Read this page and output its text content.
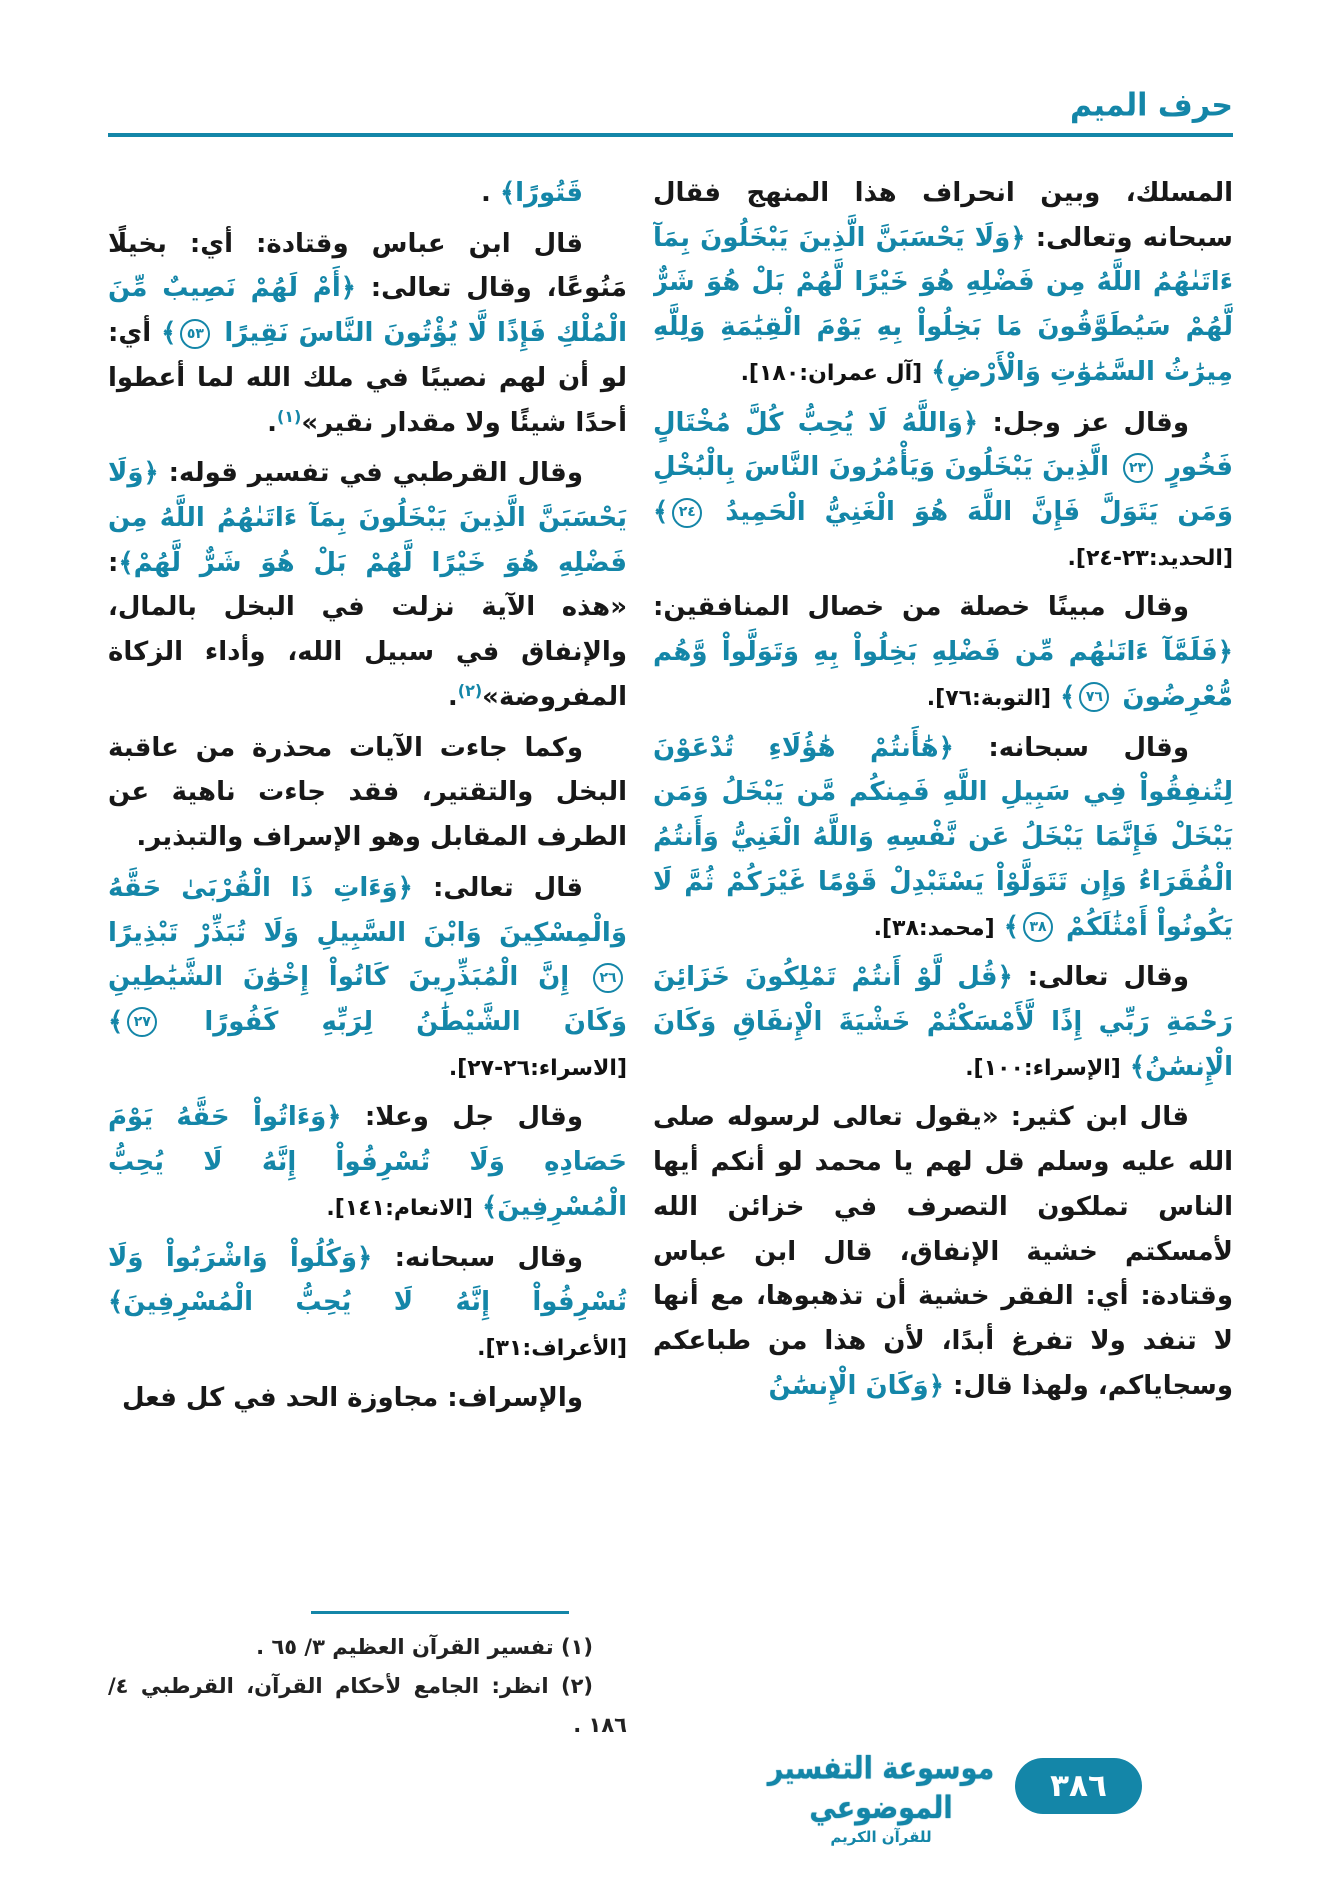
حرف الميم

المسلك، وبين انحراف هذا المنهج فقال سبحانه وتعالى: ﴿وَلَا يَحْسَبَنَّ الَّذِينَ يَبْخَلُونَ بِمَآ ءَاتَىٰهُمُ اللَّهُ مِن فَضْلِهِ هُوَ خَيْرًا لَّهُمْ بَلْ هُوَ شَرٌّ لَّهُمْ سَيُطَوَّقُونَ مَا بَخِلُواْ بِهِ يَوْمَ الْقِيَٰمَةِ وَلِلَّهِ مِيرَٰثُ السَّمَٰوَٰتِ وَالْأَرْضِ﴾ [آل عمران:١٨٠].

وقال عز وجل: ﴿وَاللَّهُ لَا يُحِبُّ كُلَّ مُخْتَالٍ فَخُورٍ ٢٣ الَّذِينَ يَبْخَلُونَ وَيَأْمُرُونَ النَّاسَ بِالْبُخْلِ وَمَن يَتَوَلَّ فَإِنَّ اللَّهَ هُوَ الْغَنِيُّ الْحَمِيدُ ٢٤﴾ [الحديد:٢٣-٢٤].

وقال مبينًا خصلة من خصال المنافقين: ﴿فَلَمَّآ ءَاتَىٰهُم مِّن فَضْلِهِ بَخِلُواْ بِهِ وَتَوَلَّواْ وَّهُم مُّعْرِضُونَ ٧٦﴾ [التوبة:٧٦].

وقال سبحانه: ﴿هَٰأَنتُمْ هَٰؤُلَاءِ تُدْعَوْنَ لِتُنفِقُواْ فِي سَبِيلِ اللَّهِ فَمِنكُم مَّن يَبْخَلُ وَمَن يَبْخَلْ فَإِنَّمَا يَبْخَلُ عَن نَّفْسِهِ وَاللَّهُ الْغَنِيُّ وَأَنتُمُ الْفُقَرَاءُ وَإِن تَتَوَلَّوْاْ يَسْتَبْدِلْ قَوْمًا غَيْرَكُمْ ثُمَّ لَا يَكُونُواْ أَمْثَٰلَكُمْ ٣٨﴾ [محمد:٣٨].

وقال تعالى: ﴿قُل لَّوْ أَنتُمْ تَمْلِكُونَ خَزَائِنَ رَحْمَةِ رَبِّي إِذًا لَّأَمْسَكْتُمْ خَشْيَةَ الْإِنفَاقِ وَكَانَ الْإِنسَٰنُ﴾ [الإسراء:١٠٠].

قال ابن كثير: «يقول تعالى لرسوله صلى الله عليه وسلم قل لهم يا محمد لو أنكم أيها الناس تملكون التصرف في خزائن الله لأمسكتم خشية الإنفاق، قال ابن عباس وقتادة: أي: الفقر خشية أن تذهبوها، مع أنها لا تنفد ولا تفرغ أبدًا، لأن هذا من طباعكم وسجاياكم، ولهذا قال: ﴿وَكَانَ الْإِنسَٰنُ

قَتُورًا﴾ .

قال ابن عباس وقتادة: أي: بخيلًا مَنُوعًا، وقال تعالى: ﴿أَمْ لَهُمْ نَصِيبٌ مِّنَ الْمُلْكِ فَإِذًا لَّا يُؤْتُونَ النَّاسَ نَقِيرًا ٥٣﴾ أي: لو أن لهم نصيبًا في ملك الله لما أعطوا أحدًا شيئًا ولا مقدار نقير»$^{(١)}$.

وقال القرطبي في تفسير قوله: ﴿وَلَا يَحْسَبَنَّ الَّذِينَ يَبْخَلُونَ بِمَآ ءَاتَىٰهُمُ اللَّهُ مِن فَضْلِهِ هُوَ خَيْرًا لَّهُمْ بَلْ هُوَ شَرٌّ لَّهُمْ﴾: «هذه الآية نزلت في البخل بالمال، والإنفاق في سبيل الله، وأداء الزكاة المفروضة»$^{(٢)}$.

وكما جاءت الآيات محذرة من عاقبة البخل والتقتير، فقد جاءت ناهية عن الطرف المقابل وهو الإسراف والتبذير.

قال تعالى: ﴿وَءَاتِ ذَا الْقُرْبَىٰ حَقَّهُ وَالْمِسْكِينَ وَابْنَ السَّبِيلِ وَلَا تُبَذِّرْ تَبْذِيرًا ٢٦ إِنَّ الْمُبَذِّرِينَ كَانُواْ إِخْوَٰنَ الشَّيَٰطِينِ وَكَانَ الشَّيْطَٰنُ لِرَبِّهِ كَفُورًا ٢٧﴾ [الاسراء:٢٦-٢٧].

وقال جل وعلا: ﴿وَءَاتُواْ حَقَّهُ يَوْمَ حَصَادِهِ وَلَا تُسْرِفُواْ إِنَّهُ لَا يُحِبُّ الْمُسْرِفِينَ﴾ [الانعام:١٤١].

وقال سبحانه: ﴿وَكُلُواْ وَاشْرَبُواْ وَلَا تُسْرِفُواْ إِنَّهُ لَا يُحِبُّ الْمُسْرِفِينَ﴾ [الأعراف:٣١].

والإسراف: مجاوزة الحد في كل فعل

(١) تفسير القرآن العظيم ٣/ ٦٥ .
(٢) انظر: الجامع لأحكام القرآن، القرطبي ٤/ ١٨٦ .
موسوعة التفسير الموضوعي
للقرآن الكريم
٣٨٦
